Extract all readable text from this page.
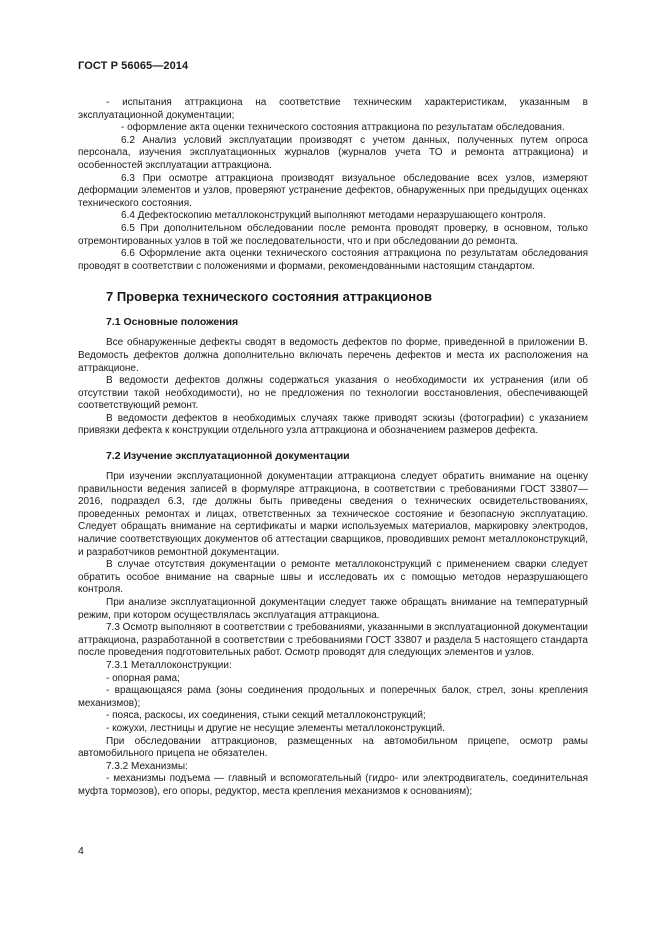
ГОСТ Р 56065—2014

- испытания аттракциона на соответствие техническим характеристикам, указанным в эксплуатационной документации;

- оформление акта оценки технического состояния аттракциона по результатам обследования.

6.2 Анализ условий эксплуатации производят с учетом данных, полученных путем опроса персонала, изучения эксплуатационных журналов (журналов учета ТО и ремонта аттракциона) и особенностей эксплуатации аттракциона.

6.3 При осмотре аттракциона производят визуальное обследование всех узлов, измеряют деформации элементов и узлов, проверяют устранение дефектов, обнаруженных при предыдущих оценках технического состояния.

6.4 Дефектоскопию металлоконструкций выполняют методами неразрушающего контроля.

6.5 При дополнительном обследовании после ремонта проводят проверку, в основном, только отремонтированных узлов в той же последовательности, что и при обследовании до ремонта.

6.6 Оформление акта оценки технического состояния аттракциона по результатам обследования проводят в соответствии с положениями и формами, рекомендованными настоящим стандартом.

7 Проверка технического состояния аттракционов
7.1 Основные положения

Все обнаруженные дефекты сводят в ведомость дефектов по форме, приведенной в приложении В. Ведомость дефектов должна дополнительно включать перечень дефектов и места их расположения на аттракционе.

В ведомости дефектов должны содержаться указания о необходимости их устранения (или об отсутствии такой необходимости), но не предложения по технологии восстановления, обеспечивающей соответствующий ремонт.

В ведомости дефектов в необходимых случаях также приводят эскизы (фотографии) с указанием привязки дефекта к конструкции отдельного узла аттракциона и обозначением размеров дефекта.

7.2 Изучение эксплуатационной документации

При изучении эксплуатационной документации аттракциона следует обратить внимание на оценку правильности ведения записей в формуляре аттракциона, в соответствии с требованиями ГОСТ 33807—2016, подраздел 6.3, где должны быть приведены сведения о технических освидетельствованиях, проведенных ремонтах и лицах, ответственных за техническое состояние и безопасную эксплуатацию. Следует обращать внимание на сертификаты и марки используемых материалов, маркировку электродов, наличие соответствующих документов об аттестации сварщиков, проводивших ремонт металлоконструкций, и разработчиков ремонтной документации.

В случае отсутствия документации о ремонте металлоконструкций с применением сварки следует обратить особое внимание на сварные швы и исследовать их с помощью методов неразрушающего контроля.

При анализе эксплуатационной документации следует также обращать внимание на температурный режим, при котором осуществлялась эксплуатация аттракциона.

7.3 Осмотр выполняют в соответствии с требованиями, указанными в эксплуатационной документации аттракциона, разработанной в соответствии с требованиями ГОСТ 33807 и раздела 5 настоящего стандарта после проведения подготовительных работ. Осмотр проводят для следующих элементов и узлов.

7.3.1 Металлоконструкции:

- опорная рама;

- вращающаяся рама (зоны соединения продольных и поперечных балок, стрел, зоны крепления механизмов);

- пояса, раскосы, их соединения, стыки секций металлоконструкций;

- кожухи, лестницы и другие не несущие элементы металлоконструкций.

При обследовании аттракционов, размещенных на автомобильном прицепе, осмотр рамы автомобильного прицепа не обязателен.

7.3.2 Механизмы:

- механизмы подъема — главный и вспомогательный (гидро- или электродвигатель, соединительная муфта тормозов), его опоры, редуктор, места крепления механизмов к основаниям);

4
